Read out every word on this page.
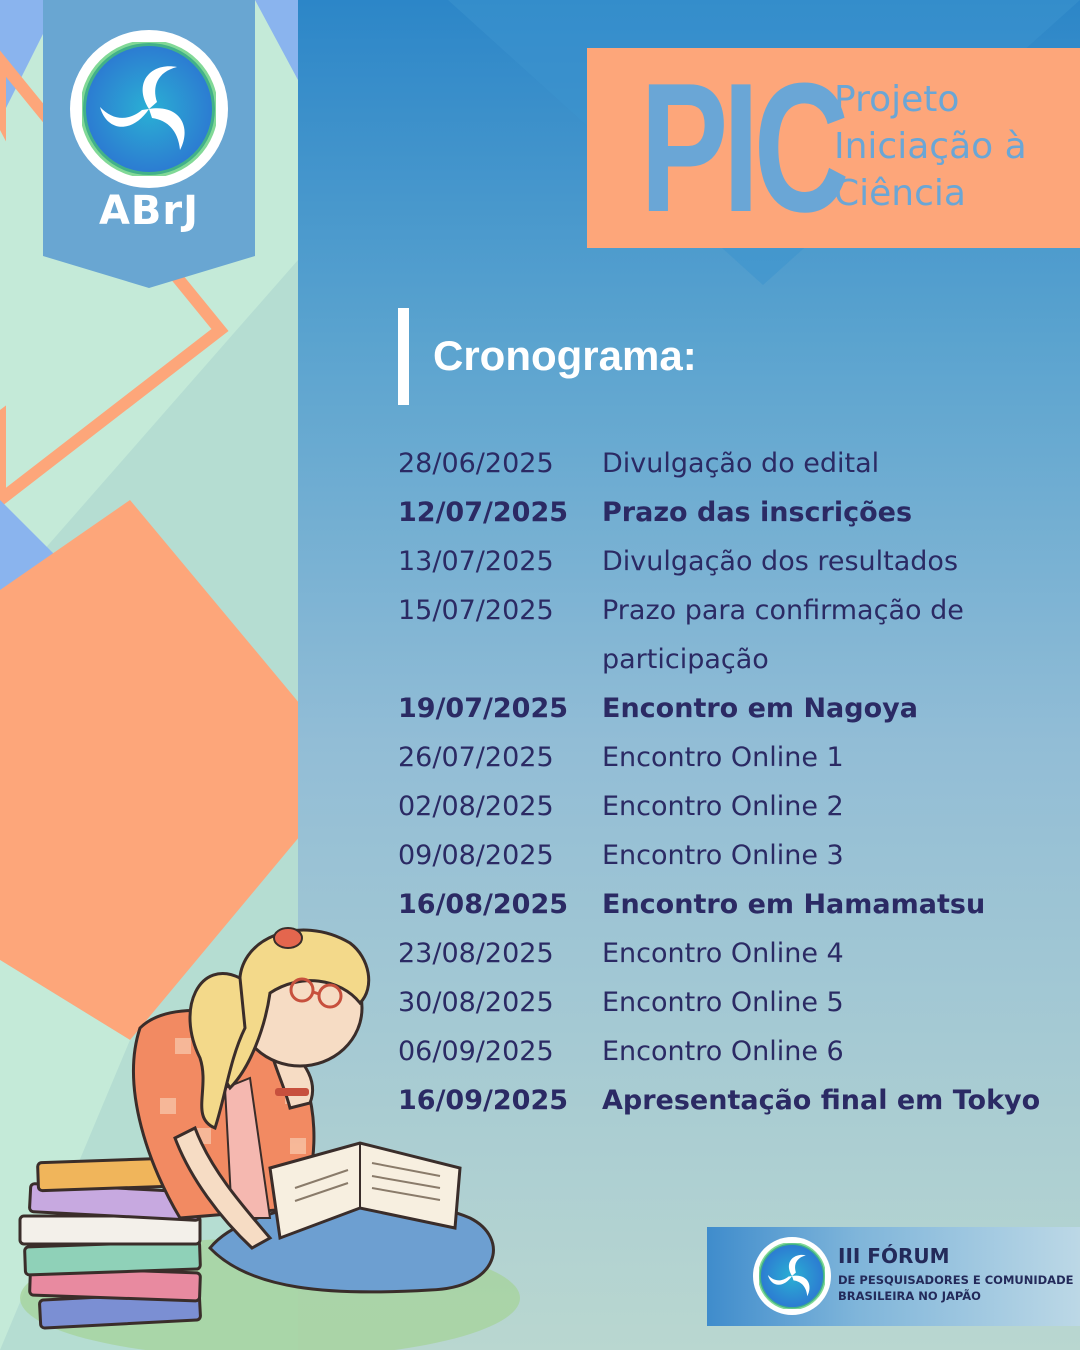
ABrJ	PIC
Projeto
Iniciação à
Ciência
Cronograma:
28/06/2025	Divulgação do edital
12/07/2025	Prazo das inscrições
13/07/2025	Divulgação dos resultados
15/07/2025	Prazo para confirmação de participação
19/07/2025	Encontro em Nagoya
26/07/2025	Encontro Online 1
02/08/2025	Encontro Online 2
09/08/2025	Encontro Online 3
16/08/2025	Encontro em Hamamatsu
23/08/2025	Encontro Online 4
30/08/2025	Encontro Online 5
06/09/2025	Encontro Online 6
16/09/2025	Apresentação final em Tokyo
III FÓRUM
DE PESQUISADORES E COMUNIDADE
BRASILEIRA NO JAPÃO
